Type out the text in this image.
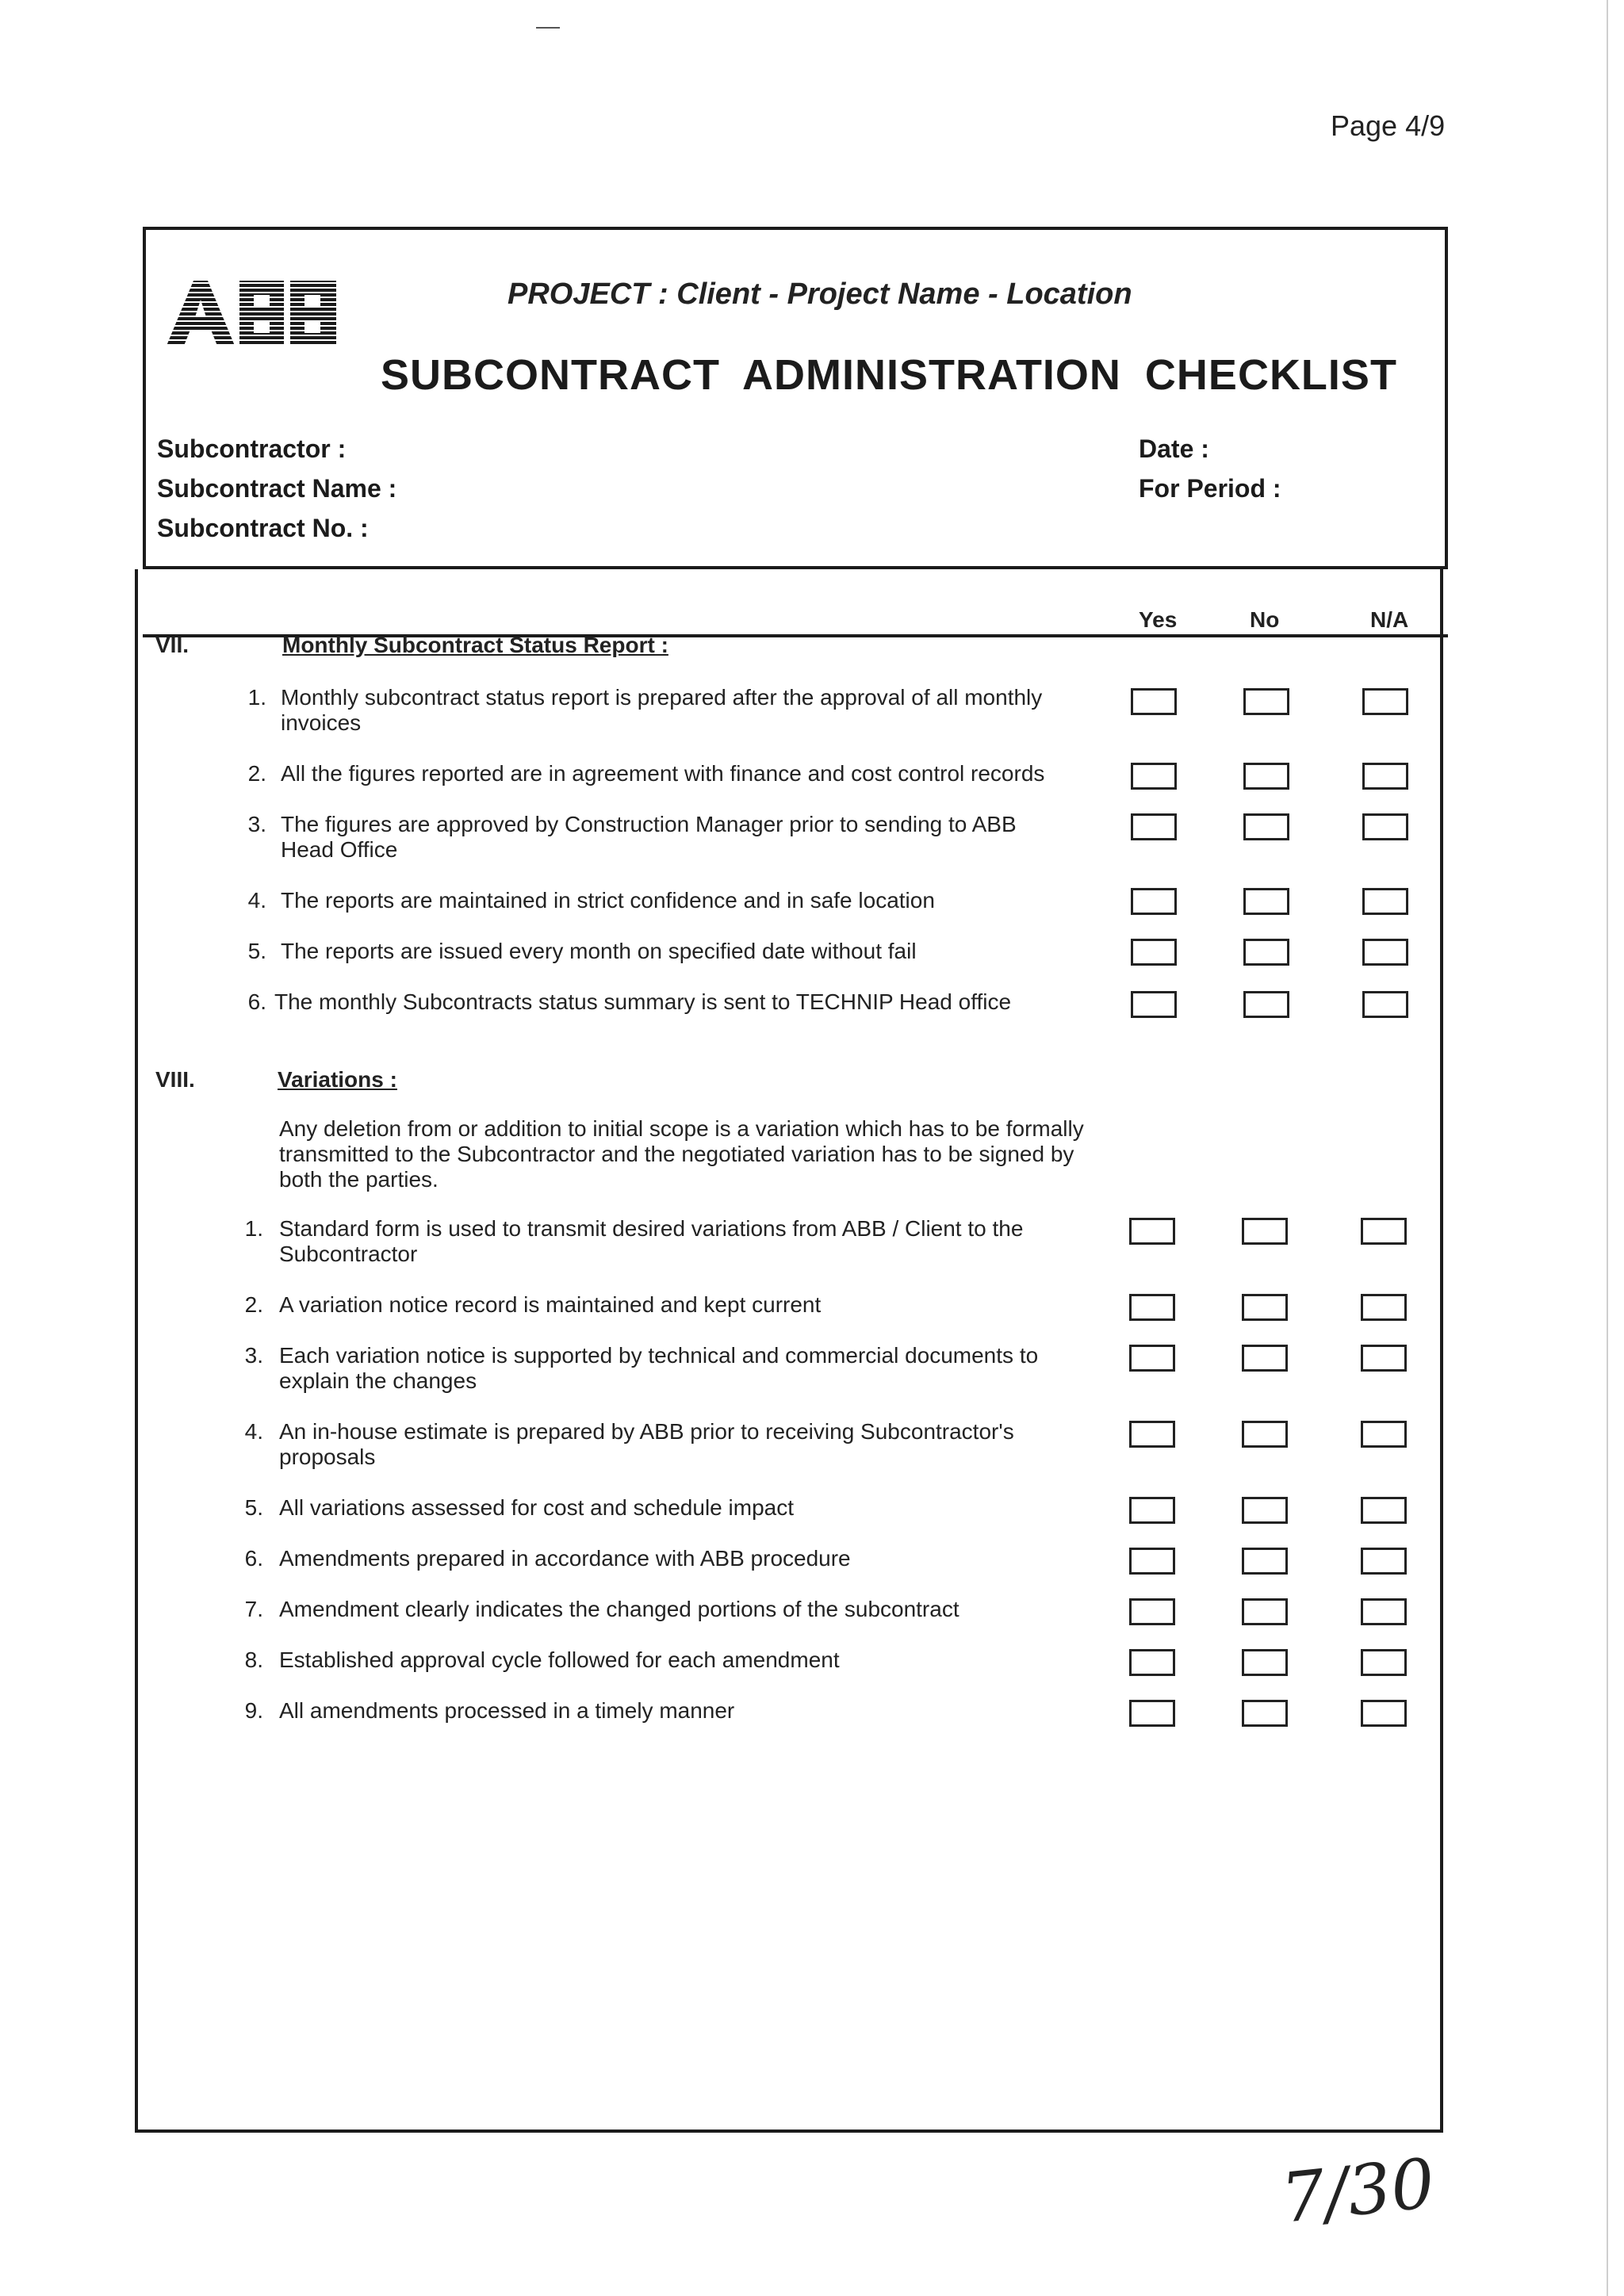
Page 4/9
PROJECT : Client - Project Name - Location
SUBCONTRACT ADMINISTRATION CHECKLIST
Subcontractor :
Subcontract Name :
Subcontract No. :
Date :
For Period :
Yes	No	N/A
VII.	Monthly Subcontract Status Report :
1. Monthly subcontract status report is prepared after the approval of all monthly invoices
2. All the figures reported are in agreement with finance and cost control records
3. The figures are approved by Construction Manager prior to sending to ABB Head Office
4. The reports are maintained in strict confidence and in safe location
5. The reports are issued every month on specified date without fail
6. The monthly Subcontracts status summary is sent to TECHNIP Head office
VIII.	Variations :
Any deletion from or addition to initial scope is a variation which has to be formally transmitted to the Subcontractor and the negotiated variation has to be signed by both the parties.
1. Standard form is used to transmit desired variations from ABB / Client to the Subcontractor
2. A variation notice record is maintained and kept current
3. Each variation notice is supported by technical and commercial documents to explain the changes
4. An in-house estimate is prepared by ABB prior to receiving Subcontractor's proposals
5. All variations assessed for cost and schedule impact
6. Amendments prepared in accordance with ABB procedure
7. Amendment clearly indicates the changed portions of the subcontract
8. Established approval cycle followed for each amendment
9. All amendments processed in a timely manner
7/30
